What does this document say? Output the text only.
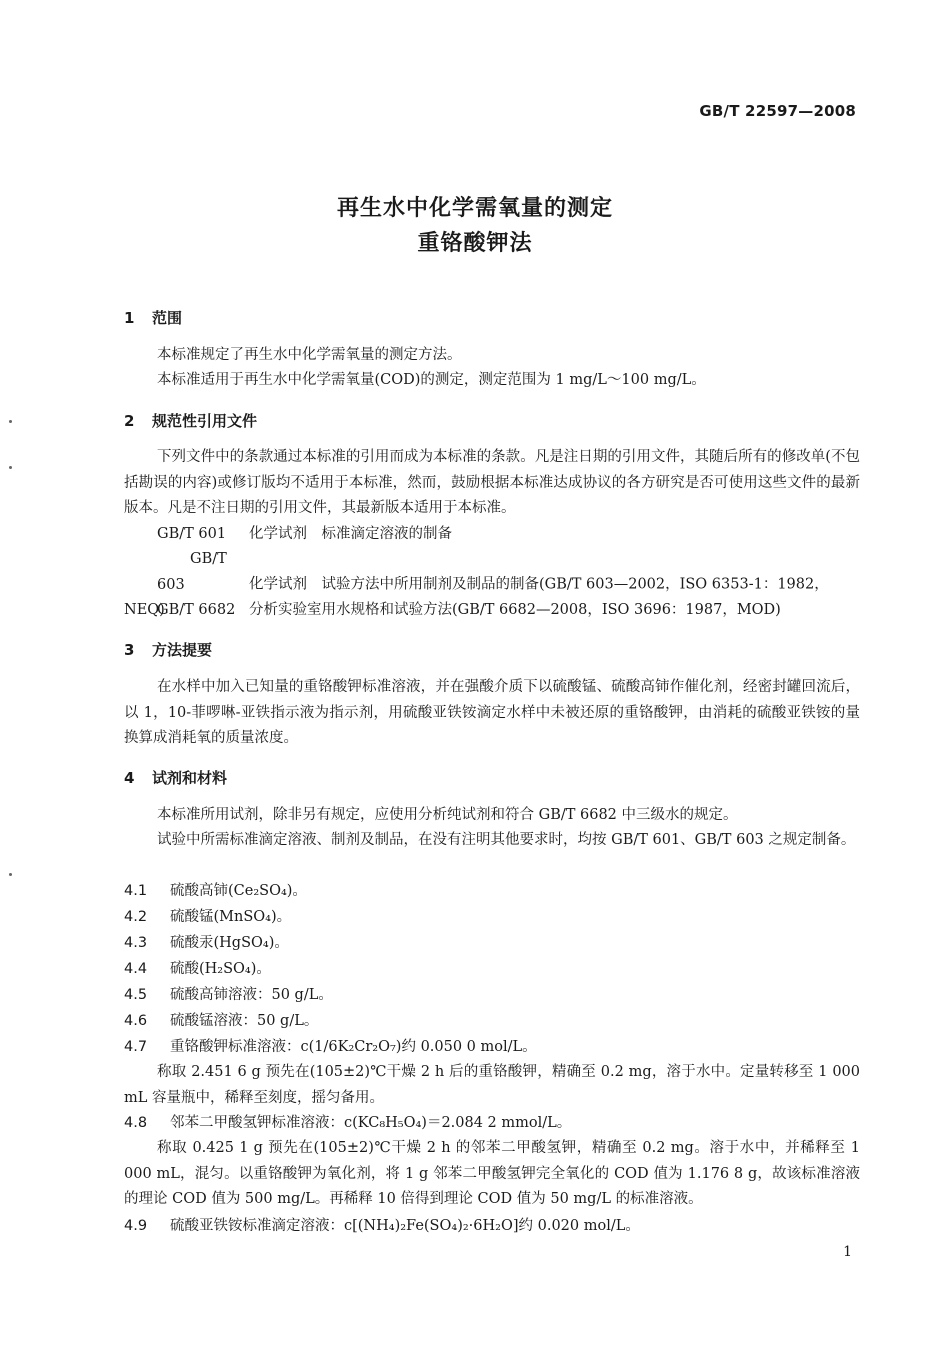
GB/T 22597—2008
再生水中化学需氧量的测定
重铬酸钾法
1 范围

本标准规定了再生水中化学需氧量的测定方法。

本标准适用于再生水中化学需氧量(COD)的测定，测定范围为 1 mg/L～100 mg/L。

2 规范性引用文件

下列文件中的条款通过本标准的引用而成为本标准的条款。凡是注日期的引用文件，其随后所有的修改单(不包括勘误的内容)或修订版均不适用于本标准，然而，鼓励根据本标准达成协议的各方研究是否可使用这些文件的最新版本。凡是不注日期的引用文件，其最新版本适用于本标准。

GB/T 601 化学试剂　标准滴定溶液的制备

GB/T 603	化学试剂　试验方法中所用制剂及制品的制备(GB/T 603—2002，ISO 6353-1：1982，NEQ)

GB/T 6682 分析实验室用水规格和试验方法(GB/T 6682—2008，ISO 3696：1987，MOD)

3 方法提要

在水样中加入已知量的重铬酸钾标准溶液，并在强酸介质下以硫酸锰、硫酸高铈作催化剂，经密封罐回流后，以 1，10-菲啰啉-亚铁指示液为指示剂，用硫酸亚铁铵滴定水样中未被还原的重铬酸钾，由消耗的硫酸亚铁铵的量换算成消耗氧的质量浓度。

4 试剂和材料

本标准所用试剂，除非另有规定，应使用分析纯试剂和符合 GB/T 6682 中三级水的规定。

试验中所需标准滴定溶液、制剂及制品，在没有注明其他要求时，均按 GB/T 601、GB/T 603 之规定制备。

4.1 硫酸高铈(Ce₂SO₄)。
4.2 硫酸锰(MnSO₄)。
4.3 硫酸汞(HgSO₄)。
4.4 硫酸(H₂SO₄)。
4.5 硫酸高铈溶液：50 g/L。
4.6 硫酸锰溶液：50 g/L。
4.7 重铬酸钾标准溶液：c(1/6K₂Cr₂O₇)约 0.050 0 mol/L。

称取 2.451 6 g 预先在(105±2)℃干燥 2 h 后的重铬酸钾，精确至 0.2 mg，溶于水中。定量转移至 1 000 mL 容量瓶中，稀释至刻度，摇匀备用。

4.8 邻苯二甲酸氢钾标准溶液：c(KC₈H₅O₄)＝2.084 2 mmol/L。

称取 0.425 1 g 预先在(105±2)℃干燥 2 h 的邻苯二甲酸氢钾，精确至 0.2 mg。溶于水中，并稀释至 1 000 mL，混匀。以重铬酸钾为氧化剂，将 1 g 邻苯二甲酸氢钾完全氧化的 COD 值为 1.176 8 g，故该标准溶液的理论 COD 值为 500 mg/L。再稀释 10 倍得到理论 COD 值为 50 mg/L 的标准溶液。

4.9 硫酸亚铁铵标准滴定溶液：c[(NH₄)₂Fe(SO₄)₂·6H₂O]约 0.020 mol/L。
1
